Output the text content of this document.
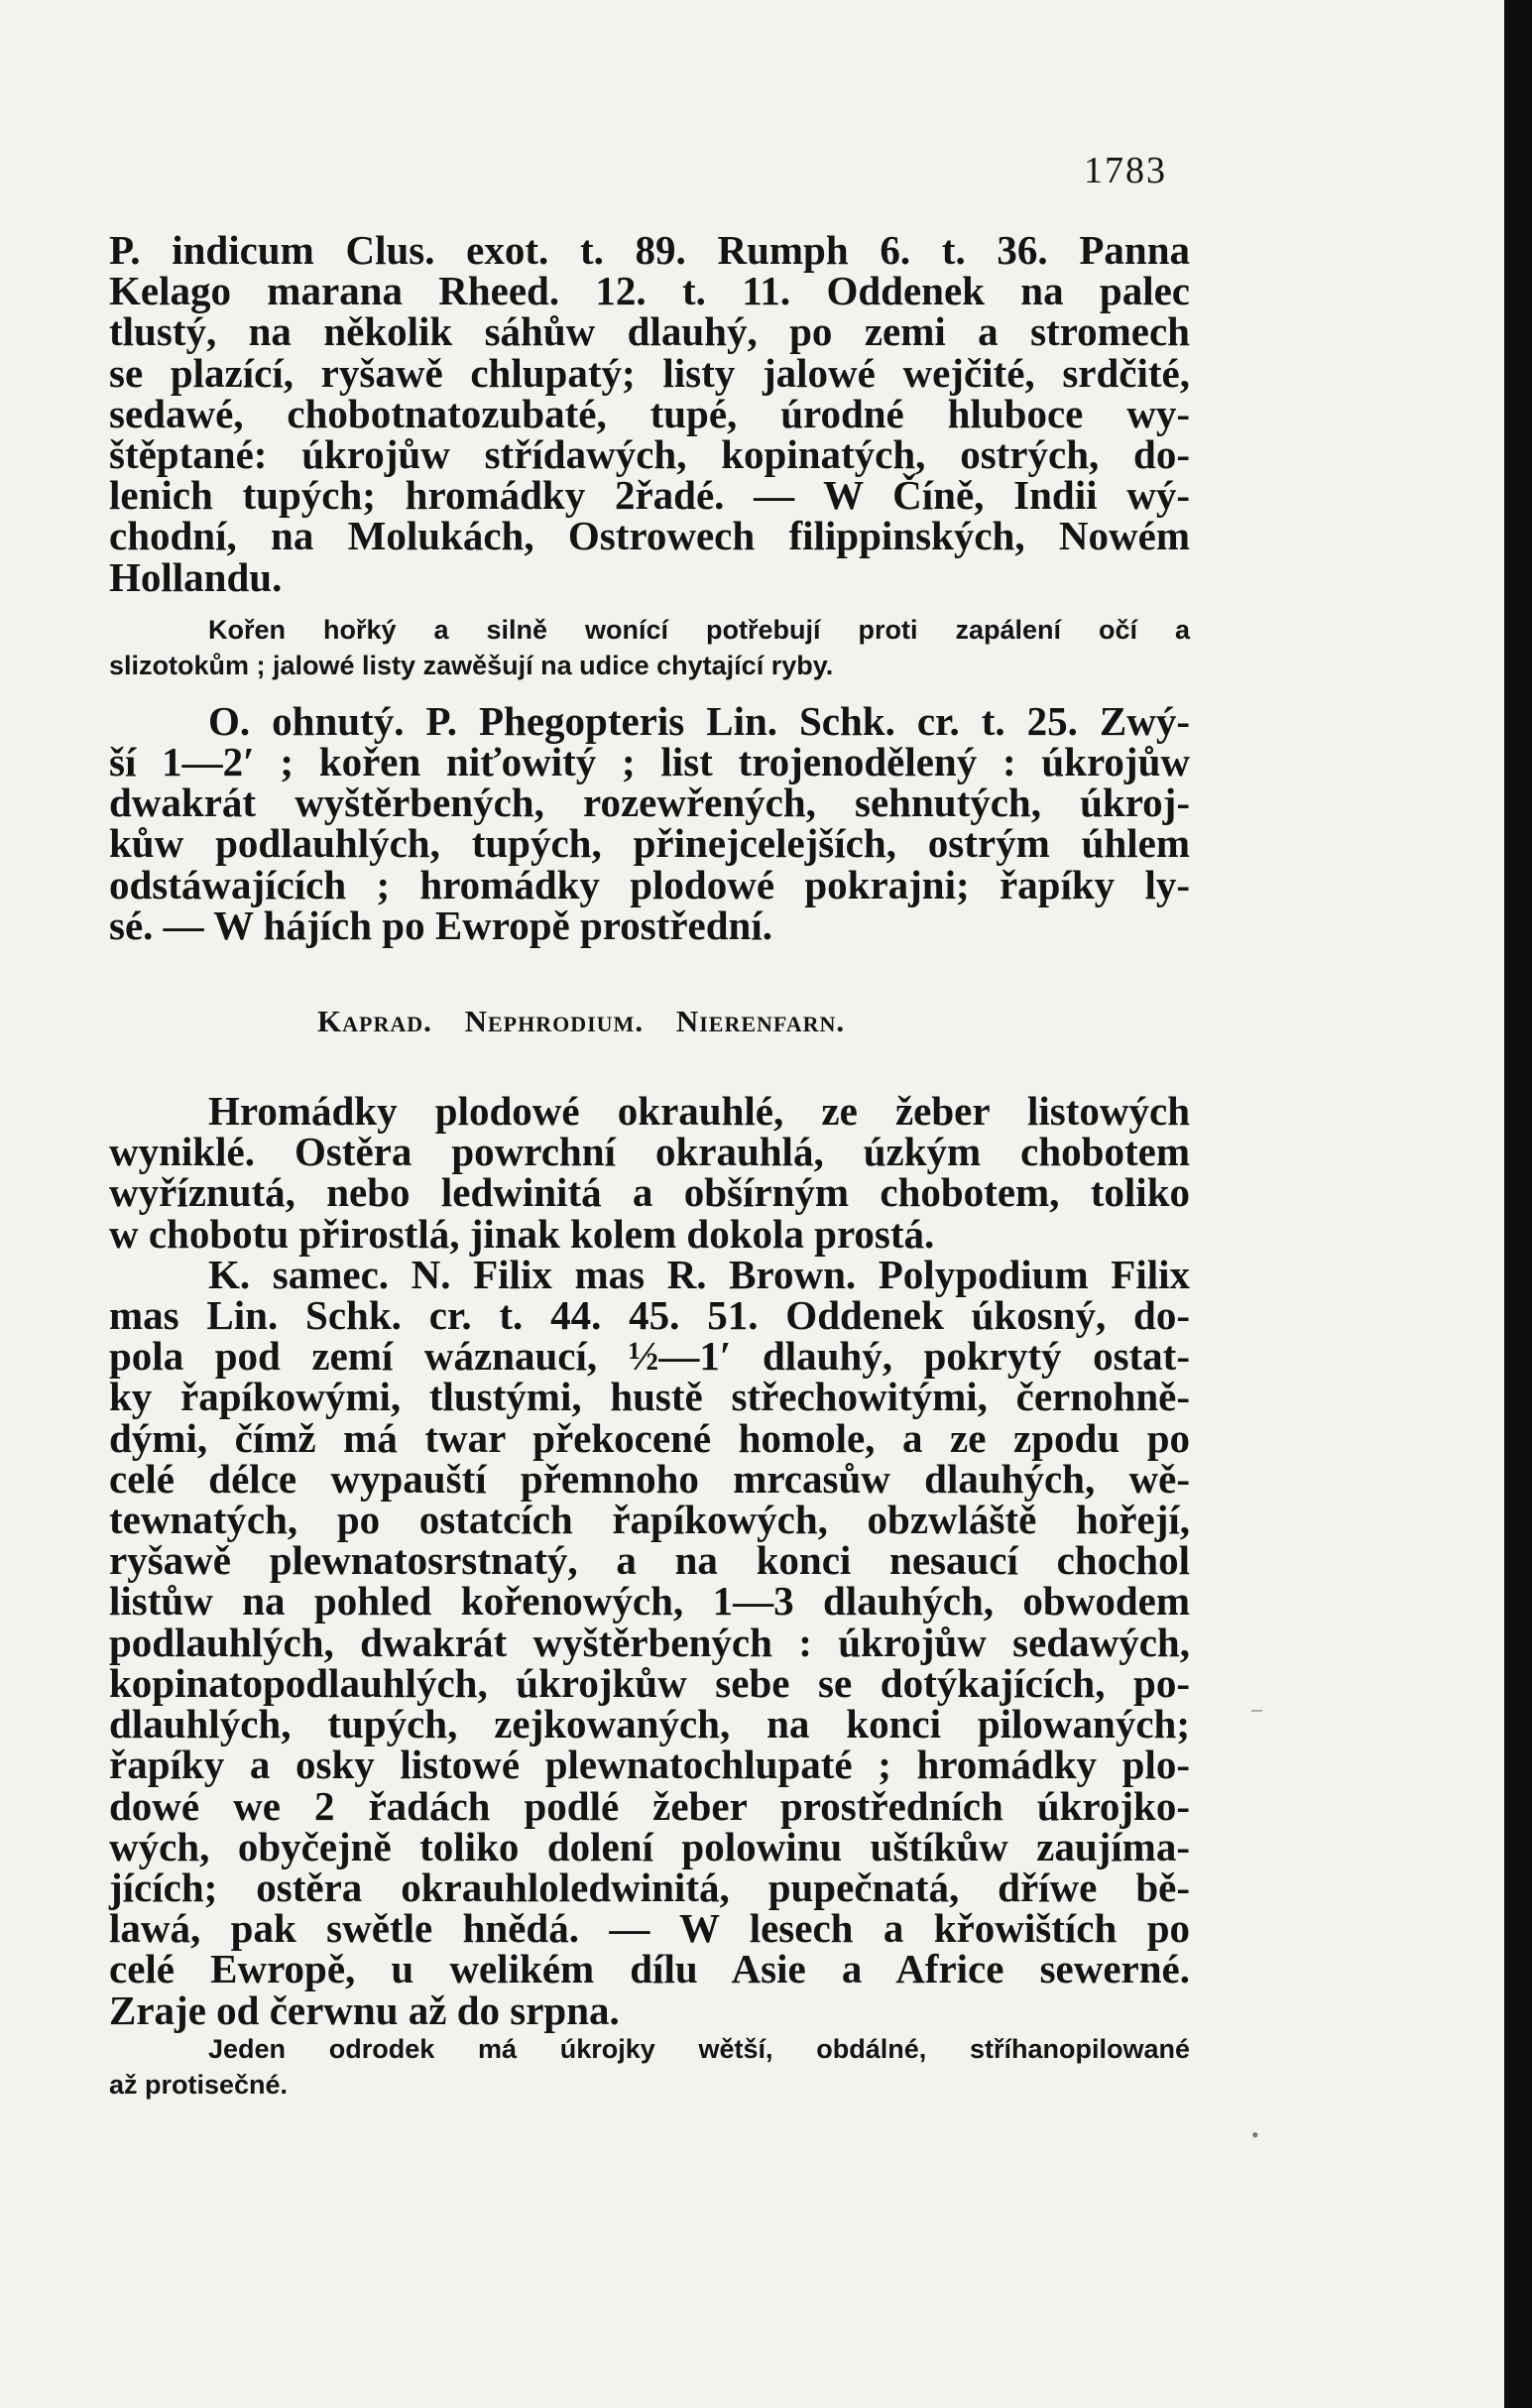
1783
P. indicum Clus. exot. t. 89. Rumph 6. t. 36. Panna
Kelago marana Rheed. 12. t. 11. Oddenek na palec
tlustý, na několik sáhůw dlauhý, po zemi a stromech
se plazící, ryšawě chlupatý; listy jalowé wejčité, srdčité,
sedawé, chobotnatozubaté, tupé, úrodné hluboce wy-
štěptané: úkrojůw střídawých, kopinatých, ostrých, do-
lenich tupých; hromádky 2řadé. — W Číně, Indii wý-
chodní, na Molukách, Ostrowech filippinských, Nowém
Hollandu.
Kořen hořký a silně wonící potřebují proti zapálení očí a
slizotokům ; jalowé listy zawěšují na udice chytající ryby.
O. ohnutý. P. Phegopteris Lin. Schk. cr. t. 25. Zwý-
ší 1—2′ ; kořen niťowitý ; list trojenodělený : úkrojůw
dwakrát wyštěrbených, rozewřených, sehnutých, úkroj-
kůw podlauhlých, tupých, přinejcelejších, ostrým úhlem
odstáwajících ; hromádky plodowé pokrajni; řapíky ly-
sé. — W hájích po Ewropě prostřední.
Kaprad. Nephrodium. Nierenfarn.
Hromádky plodowé okrauhlé, ze žeber listowých
wyniklé. Ostěra powrchní okrauhlá, úzkým chobotem
wyříznutá, nebo ledwinitá a obšírným chobotem, toliko
w chobotu přirostlá, jinak kolem dokola prostá.
K. samec. N. Filix mas R. Brown. Polypodium Filix
mas Lin. Schk. cr. t. 44. 45. 51. Oddenek úkosný, do-
pola pod zemí wáznaucí, ½—1′ dlauhý, pokrytý ostat-
ky řapíkowými, tlustými, hustě střechowitými, černohně-
dými, čímž má twar překocené homole, a ze zpodu po
celé délce wypauští přemnoho mrcasůw dlauhých, wě-
tewnatých, po ostatcích řapíkowých, obzwláště hořejí,
ryšawě plewnatosrstnatý, a na konci nesaucí chochol
listůw na pohled kořenowých, 1—3 dlauhých, obwodem
podlauhlých, dwakrát wyštěrbených : úkrojůw sedawých,
kopinatopodlauhlých, úkrojkůw sebe se dotýkajících, po-
dlauhlých, tupých, zejkowaných, na konci pilowaných;
řapíky a osky listowé plewnatochlupaté ; hromádky plo-
dowé we 2 řadách podlé žeber prostředních úkrojko-
wých, obyčejně toliko dolení polowinu uštíkůw zaujíma-
jících; ostěra okrauhloledwinitá, pupečnatá, dříwe bě-
lawá, pak swětle hnědá. — W lesech a křowištích po
celé Ewropě, u welikém dílu Asie a Africe sewerné.
Zraje od čerwnu až do srpna.
Jeden odrodek má úkrojky wětší, obdálné, stříhanopilowané
až protisečné.
•
–
